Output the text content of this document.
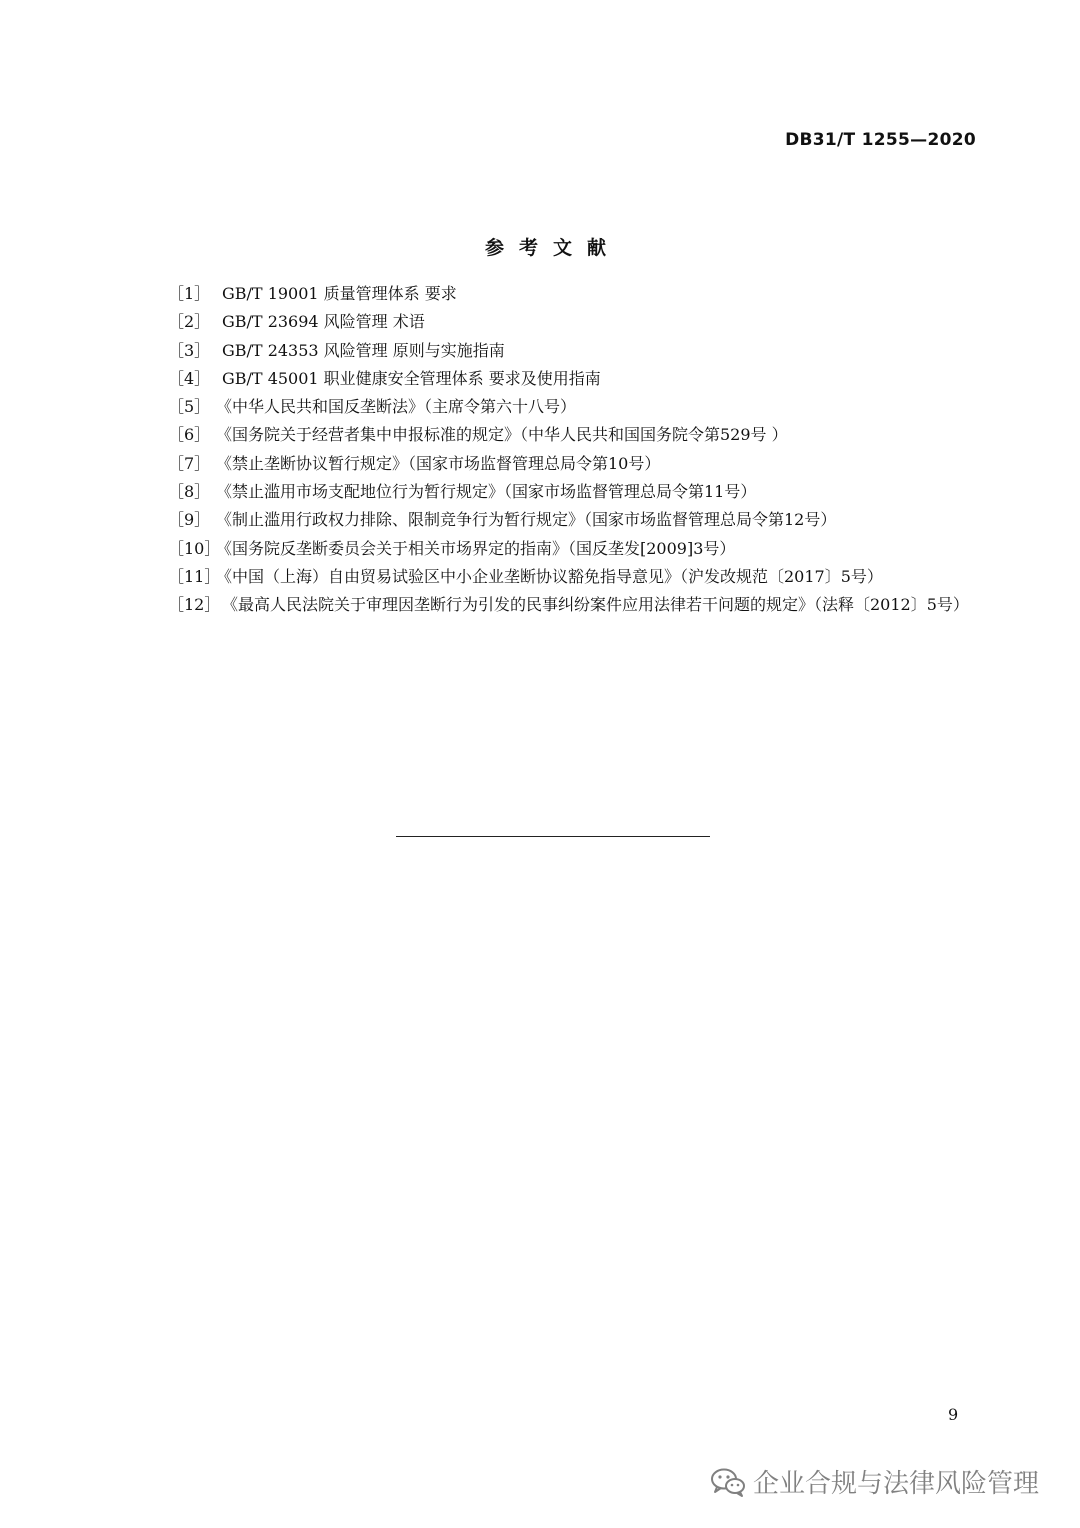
DB31/T 1255—2020
参考文献
［1］ GB/T 19001 质量管理体系 要求
［2］ GB/T 23694 风险管理 术语
［3］ GB/T 24353 风险管理 原则与实施指南
［4］ GB/T 45001 职业健康安全管理体系 要求及使用指南
［5］ 《中华人民共和国反垄断法》（主席令第六十八号）
［6］ 《国务院关于经营者集中申报标准的规定》（中华人民共和国国务院令第529号 ）
［7］ 《禁止垄断协议暂行规定》（国家市场监督管理总局令第10号）
［8］ 《禁止滥用市场支配地位行为暂行规定》（国家市场监督管理总局令第11号）
［9］ 《制止滥用行政权力排除、限制竞争行为暂行规定》（国家市场监督管理总局令第12号）
［10］
《国务院反垄断委员会关于相关市场界定的指南》（国反垄发[2009]3号）
［11］
《中国（上海）自由贸易试验区中小企业垄断协议豁免指导意见》（沪发改规范〔2017〕5号）
［12］ 《最高人民法院关于审理因垄断行为引发的民事纠纷案件应用法律若干问题的规定》（法释〔2012〕5号）
9
企业合规与法律风险管理
